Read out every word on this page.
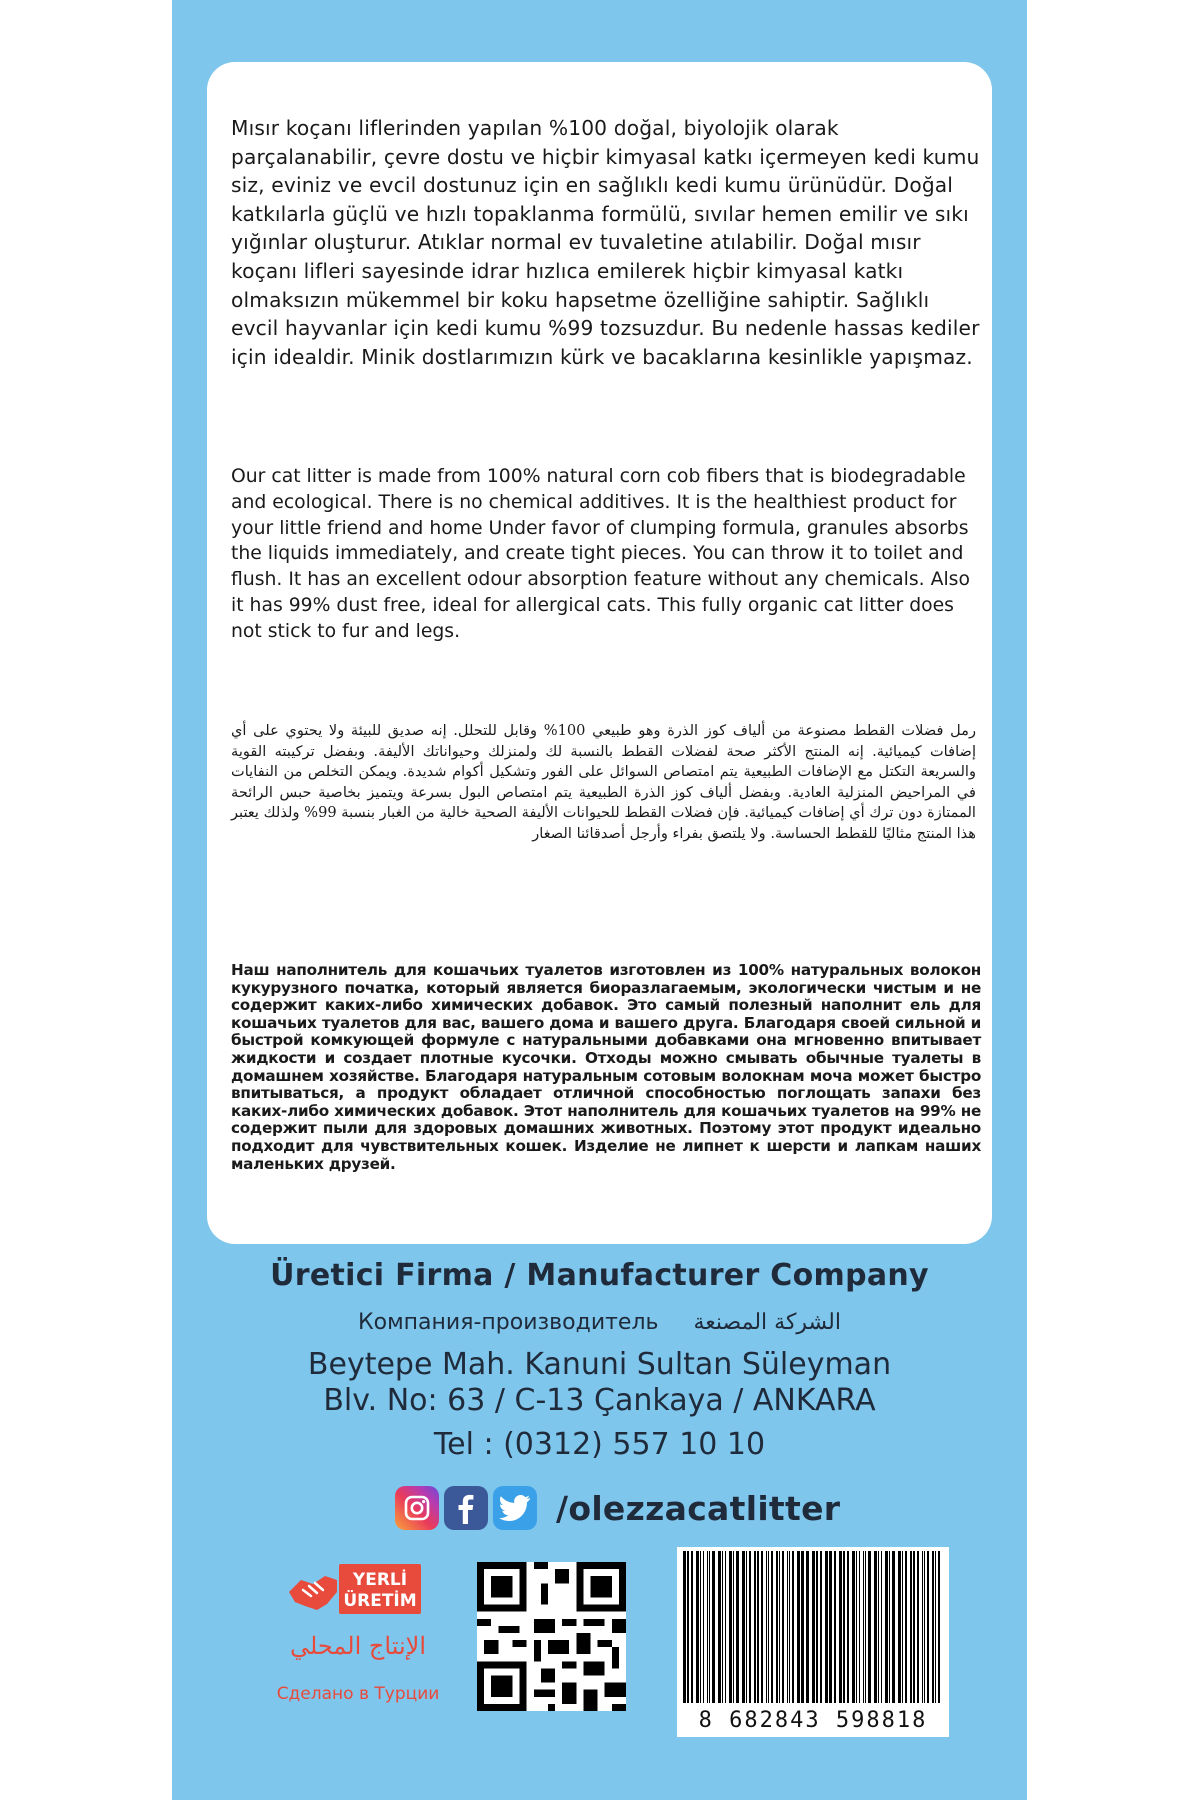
Mısır koçanı liflerinden yapılan %100 doğal, biyolojik olarak parçalanabilir, çevre dostu ve hiçbir kimyasal katkı içermeyen kedi kumu siz, eviniz ve evcil dostunuz için en sağlıklı kedi kumu ürünüdür. Doğal katkılarla güçlü ve hızlı topaklanma formülü, sıvılar hemen emilir ve sıkı yığınlar oluşturur. Atıklar normal ev tuvaletine atılabilir. Doğal mısır koçanı lifleri sayesinde idrar hızlıca emilerek hiçbir kimyasal katkı olmaksızın mükemmel bir koku hapsetme özelliğine sahiptir. Sağlıklı evcil hayvanlar için kedi kumu %99 tozsuzdur. Bu nedenle hassas kediler için idealdir. Minik dostlarımızın kürk ve bacaklarına kesinlikle yapışmaz.

Our cat litter is made from 100% natural corn cob fibers that is biodegradable and ecological. There is no chemical additives. It is the healthiest product for your little friend and home Under favor of clumping formula, granules absorbs the liquids immediately, and create tight pieces. You can throw it to toilet and flush. It has an excellent odour absorption feature without any chemicals. Also it has 99% dust free, ideal for allergical cats. This fully organic cat litter does not stick to fur and legs.

رمل فضلات القطط مصنوعة من ألياف كوز الذرة وهو طبيعي 100% وقابل للتحلل. إنه صديق للبيئة ولا يحتوي على أي إضافات كيميائية. إنه المنتج الأكثر صحة لفضلات القطط بالنسبة لك ولمنزلك وحيواناتك الأليفة. وبفضل تركيبته القوية والسريعة التكتل مع الإضافات الطبيعية يتم امتصاص السوائل على الفور وتشكيل أكوام شديدة. ويمكن التخلص من النفايات في المراحيض المنزلية العادية. وبفضل ألياف كوز الذرة الطبيعية يتم امتصاص البول بسرعة ويتميز بخاصية حبس الرائحة الممتازة دون ترك أي إضافات كيميائية. فإن فضلات القطط للحيوانات الأليفة الصحية خالية من الغبار بنسبة 99% ولذلك يعتبر هذا المنتج مثاليًا للقطط الحساسة. ولا يلتصق بفراء وأرجل أصدقائنا الصغار

Наш наполнитель для кошачьих туалетов изготовлен из 100% натуральных волокон кукурузного початка, который является биоразлагаемым, экологически чистым и не содержит каких-либо химических добавок. Это самый полезный наполнит ель для кошачьих туалетов для вас, вашего дома и вашего друга. Благодаря своей сильной и быстрой комкующей формуле с натуральными добавками она мгновенно впитывает жидкости и создает плотные кусочки. Отходы можно смывать обычные туалеты в домашнем хозяйстве. Благодаря натуральным сотовым волокнам моча может быстро впитываться, а продукт обладает отличной способностью поглощать запахи без каких-либо химических добавок. Этот наполнитель для кошачьих туалетов на 99% не содержит пыли для здоровых домашних животных. Поэтому этот продукт идеально подходит для чувствительных кошек. Изделие не липнет к шерсти и лапкам наших маленьких друзей.

Üretici Firma / Manufacturer Company
Компания-производитель الشركة المصنعة
Beytepe Mah. Kanuni Sultan Süleyman
Blv. No: 63 / C-13 Çankaya / ANKARA
Tel : (0312) 557 10 10
/olezzacatlitter
YERLİ
ÜRETİM
الإنتاج المحلي
Сделано в Турции
8 682843 598818
